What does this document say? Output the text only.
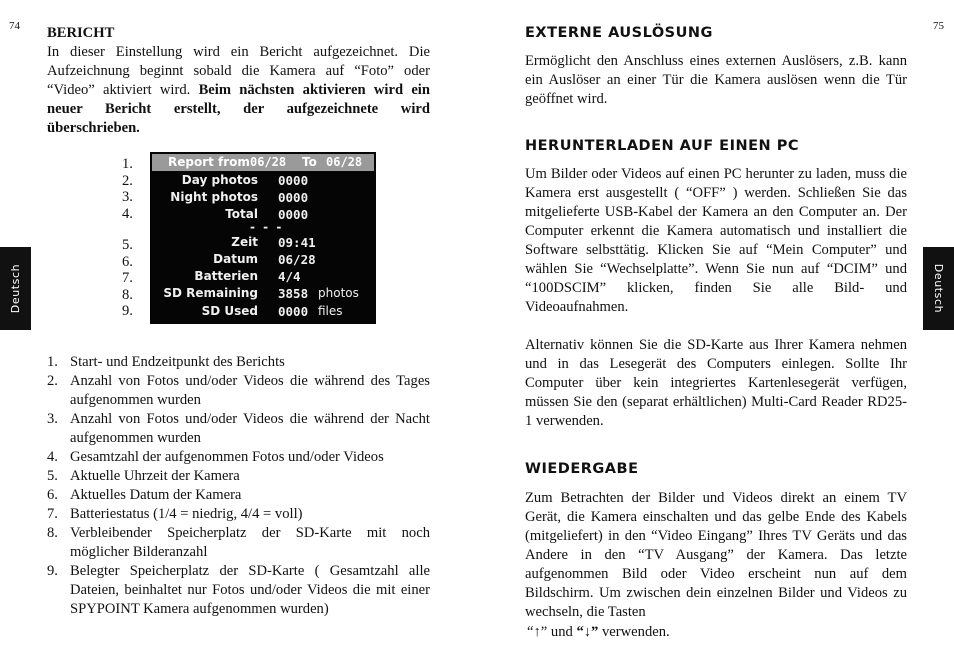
74	75
Deutsch	Deutsch

BERICHT

In dieser Einstellung wird ein Bericht aufgezeichnet. Die Aufzeichnung beginnt sobald die Kamera auf “Foto” oder “Video” aktiviert wird. Beim nächsten aktivieren wird ein neuer Bericht erstellt, der aufgezeichnete wird überschrieben.

1.
2.
3.
4.
5.
6.
7.
8.
9.
Report from 06/28 To 06/28
Day photos 0000
Night photos 0000
Total 0000
- - -
Zeit 09:41
Datum 06/28
Batterien 4/4
SD Remaining 3858 photos
SD Used 0000 files
1. Start- und Endzeitpunkt des Berichts
2. Anzahl von Fotos und/oder Videos die während des Tages aufgenommen wurden
3. Anzahl von Fotos und/oder Videos die während der Nacht aufgenommen wurden
4. Gesamtzahl der aufgenommen Fotos und/oder Videos
5. Aktuelle Uhrzeit der Kamera
6. Aktuelles Datum der Kamera
7. Batteriestatus (1/4 = niedrig, 4/4 = voll)
8. Verbleibender Speicherplatz der SD-Karte mit noch möglicher Bilderanzahl
9. Belegter Speicherplatz der SD-Karte ( Gesamtzahl alle Dateien, beinhaltet nur Fotos und/oder Videos die mit einer SPYPOINT Kamera aufgenommen wurden)

EXTERNE AUSLÖSUNG

Ermöglicht den Anschluss eines externen Auslösers, z.B. kann ein Auslöser an einer Tür die Kamera auslösen wenn die Tür geöffnet wird.

HERUNTERLADEN AUF EINEN PC

Um Bilder oder Videos auf einen PC herunter zu laden, muss die Kamera erst ausgestellt ( “OFF” ) werden. Schließen Sie das mitgelieferte USB-Kabel der Kamera an den Computer an. Der Computer erkennt die Kamera automatisch und installiert die Software selbsttätig. Klicken Sie auf “Mein Computer” und wählen Sie “Wechselplatte”. Wenn Sie nun auf “DCIM” und “100DSCIM” klicken, finden Sie alle Bild- und Videoaufnahmen.

Alternativ können Sie die SD-Karte aus Ihrer Kamera nehmen und in das Lesegerät des Computers einlegen. Sollte Ihr Computer über kein integriertes Kartenlesegerät verfügen, müssen Sie den (separat erhältlichen) Multi-Card Reader RD25-1 verwenden.

WIEDERGABE

Zum Betrachten der Bilder und Videos direkt an einem TV Gerät, die Kamera einschalten und das gelbe Ende des Kabels (mitgeliefert) in den “Video Eingang” Ihres TV Geräts und das Andere in den “TV Ausgang” der Kamera. Das letzte aufgenommen Bild oder Video erscheint nun auf dem Bildschirm. Um zwischen dein einzelnen Bilder und Videos zu wechseln, die Tasten

“↑” und “↓” verwenden.
